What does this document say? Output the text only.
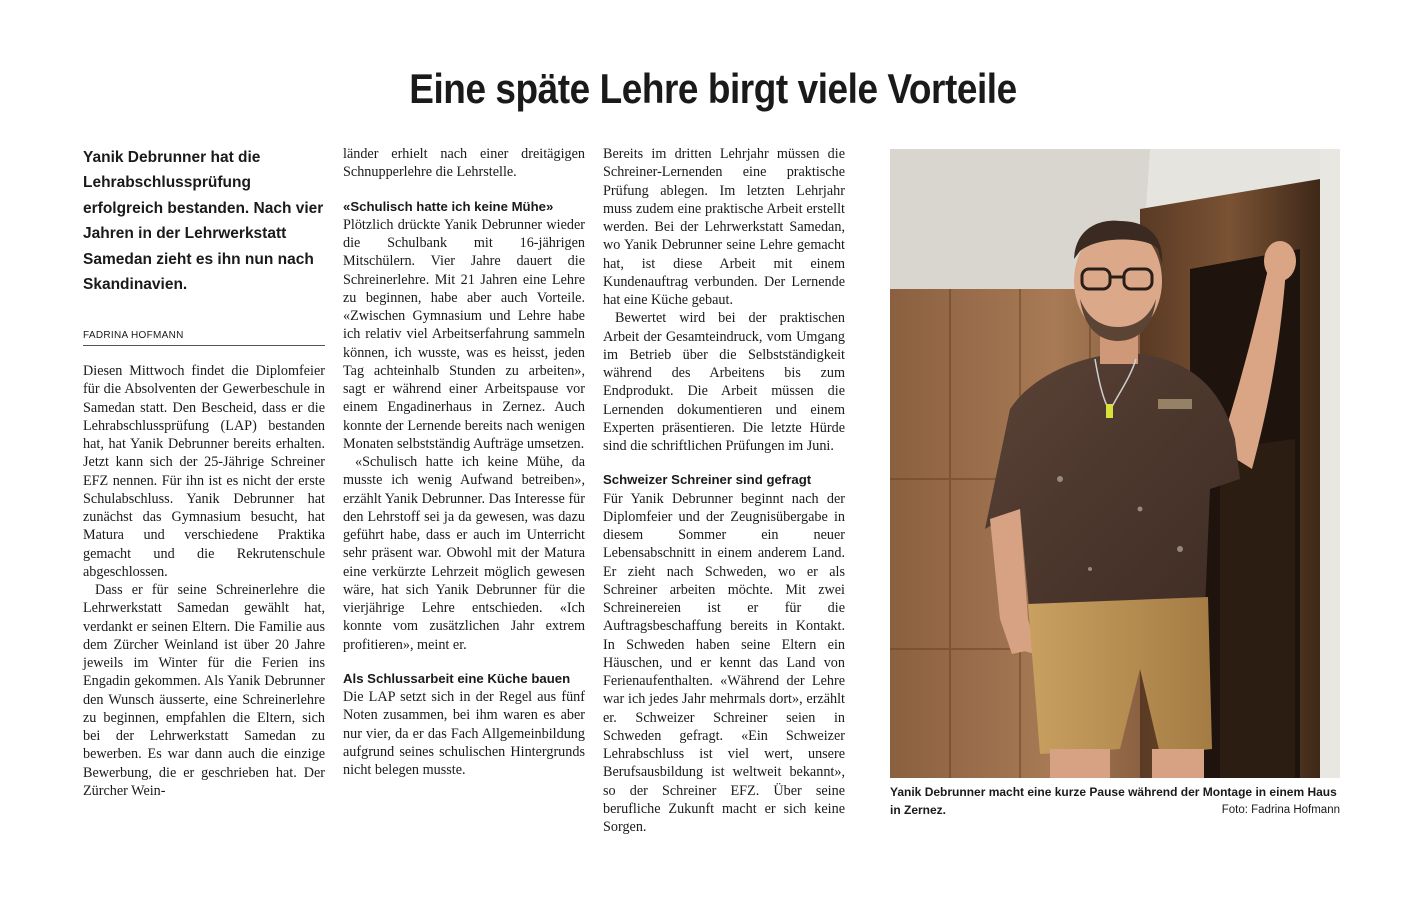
Eine späte Lehre birgt viele Vorteile

Yanik Debrunner hat die Lehrabschlussprüfung erfolgreich bestanden. Nach vier Jahren in der Lehrwerkstatt Samedan zieht es ihn nun nach Skandinavien.

FADRINA HOFMANN

Diesen Mittwoch findet die Diplomfeier für die Absolventen der Gewerbeschule in Samedan statt. Den Bescheid, dass er die Lehrabschlussprüfung (LAP) bestanden hat, hat Yanik Debrunner bereits erhalten. Jetzt kann sich der 25-Jährige Schreiner EFZ nennen. Für ihn ist es nicht der erste Schulabschluss. Yanik Debrunner hat zunächst das Gymnasium besucht, hat Matura und verschiedene Praktika gemacht und die Rekrutenschule abgeschlossen.

Dass er für seine Schreinerlehre die Lehrwerkstatt Samedan gewählt hat, verdankt er seinen Eltern. Die Familie aus dem Zürcher Weinland ist über 20 Jahre jeweils im Winter für die Ferien ins Engadin gekommen. Als Yanik Debrunner den Wunsch äusserte, eine Schreinerlehre zu beginnen, empfahlen die Eltern, sich bei der Lehrwerkstatt Samedan zu bewerben. Es war dann auch die einzige Bewerbung, die er geschrieben hat. Der Zürcher Wein-

länder erhielt nach einer dreitägigen Schnupperlehre die Lehrstelle.

«Schulisch hatte ich keine Mühe»

Plötzlich drückte Yanik Debrunner wieder die Schulbank mit 16-jährigen Mitschülern. Vier Jahre dauert die Schreinerlehre. Mit 21 Jahren eine Lehre zu beginnen, habe aber auch Vorteile. «Zwischen Gymnasium und Lehre habe ich relativ viel Arbeitserfahrung sammeln können, ich wusste, was es heisst, jeden Tag achteinhalb Stunden zu arbeiten», sagt er während einer Arbeitspause vor einem Engadinerhaus in Zernez. Auch konnte der Lernende bereits nach wenigen Monaten selbstständig Aufträge umsetzen.

«Schulisch hatte ich keine Mühe, da musste ich wenig Aufwand betreiben», erzählt Yanik Debrunner. Das Interesse für den Lehrstoff sei ja da gewesen, was dazu geführt habe, dass er auch im Unterricht sehr präsent war. Obwohl mit der Matura eine verkürzte Lehrzeit möglich gewesen wäre, hat sich Yanik Debrunner für die vierjährige Lehre entschieden. «Ich konnte vom zusätzlichen Jahr extrem profitieren», meint er.

Als Schlussarbeit eine Küche bauen

Die LAP setzt sich in der Regel aus fünf Noten zusammen, bei ihm waren es aber nur vier, da er das Fach Allgemeinbildung aufgrund seines schulischen Hintergrunds nicht belegen musste.

Bereits im dritten Lehrjahr müssen die Schreiner-Lernenden eine praktische Prüfung ablegen. Im letzten Lehrjahr muss zudem eine praktische Arbeit erstellt werden. Bei der Lehrwerkstatt Samedan, wo Yanik Debrunner seine Lehre gemacht hat, ist diese Arbeit mit einem Kundenauftrag verbunden. Der Lernende hat eine Küche gebaut.

Bewertet wird bei der praktischen Arbeit der Gesamteindruck, vom Umgang im Betrieb über die Selbstständigkeit während des Arbeitens bis zum Endprodukt. Die Arbeit müssen die Lernenden dokumentieren und einem Experten präsentieren. Die letzte Hürde sind die schriftlichen Prüfungen im Juni.

Schweizer Schreiner sind gefragt

Für Yanik Debrunner beginnt nach der Diplomfeier und der Zeugnisübergabe in diesem Sommer ein neuer Lebensabschnitt in einem anderem Land. Er zieht nach Schweden, wo er als Schreiner arbeiten möchte. Mit zwei Schreinereien ist er für die Auftragsbeschaffung bereits in Kontakt. In Schweden haben seine Eltern ein Häuschen, und er kennt das Land von Ferienaufenthalten. «Während der Lehre war ich jedes Jahr mehrmals dort», erzählt er. Schweizer Schreiner seien in Schweden gefragt. «Ein Schweizer Lehrabschluss ist viel wert, unsere Berufsausbildung ist weltweit bekannt», so der Schreiner EFZ. Über seine berufliche Zukunft macht er sich keine Sorgen.

Yanik Debrunner macht eine kurze Pause während der Montage in einem Haus in Zernez.	Foto: Fadrina Hofmann
